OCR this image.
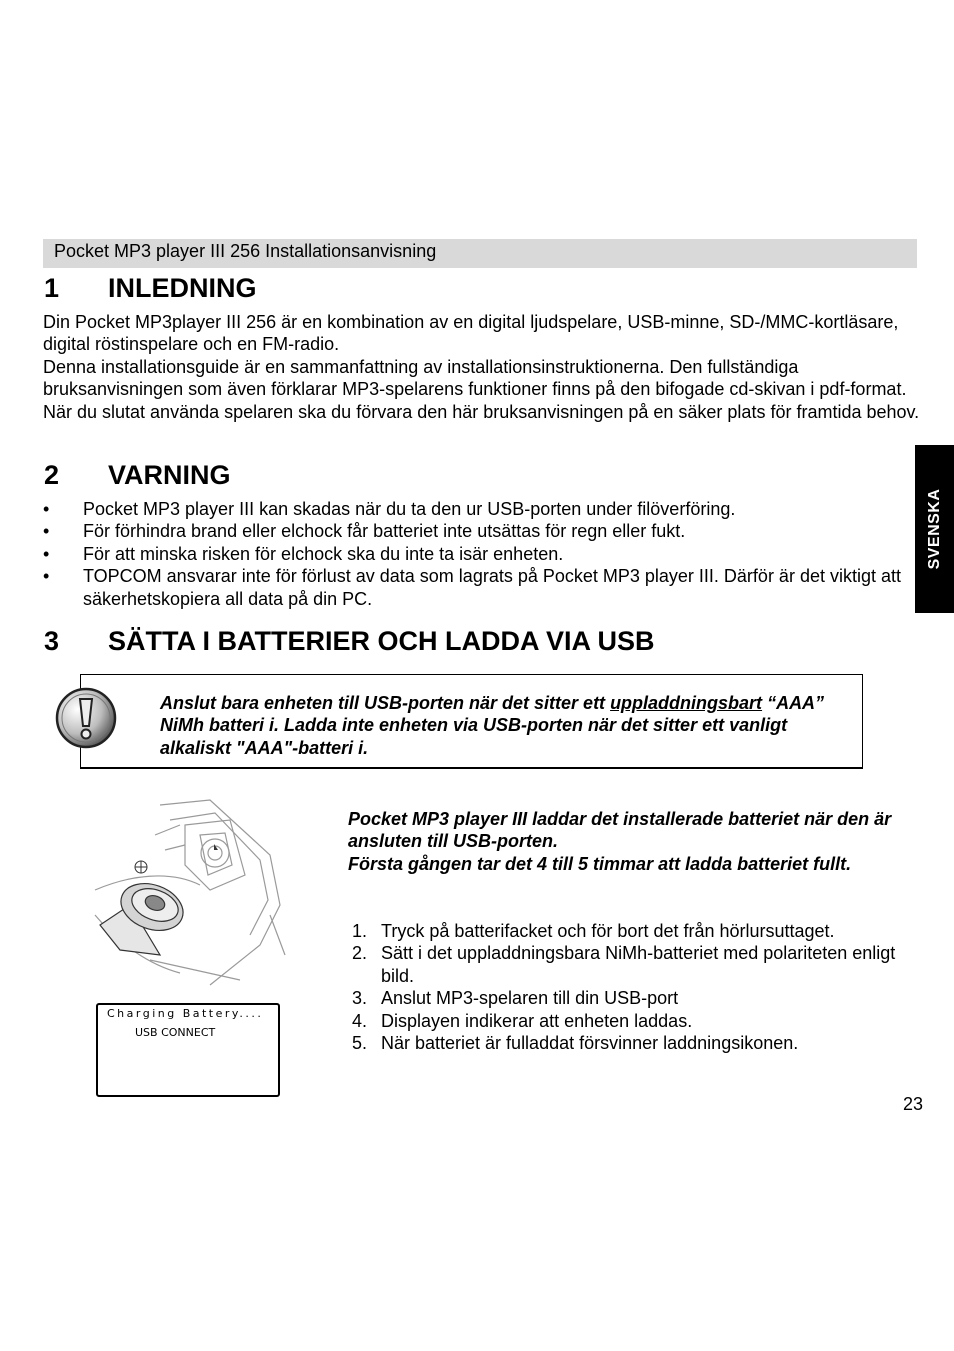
Pocket MP3 player III 256 Installationsanvisning
1 INLEDNING

Din Pocket MP3player III 256 är en kombination av en digital ljudspelare, USB-minne, SD-/MMC-kortläsare, digital röstinspelare och en FM-radio.

Denna installationsguide är en sammanfattning av installationsinstruktionerna. Den fullständiga bruksanvisningen som även förklarar MP3-spelarens funktioner finns på den bifogade cd-skivan i pdf-format. När du slutat använda spelaren ska du förvara den här bruksanvisningen på en säker plats för framtida behov.

2 VARNING
• Pocket MP3 player III kan skadas när du ta den ur USB-porten under filöverföring.
• För förhindra brand eller elchock får batteriet inte utsättas för regn eller fukt.
• För att minska risken för elchock ska du inte ta isär enheten.
• TOPCOM ansvarar inte för förlust av data som lagrats på Pocket MP3 player III. Därför är det viktigt att säkerhetskopiera all data på din PC.
SVENSKA
3 SÄTTA I BATTERIER OCH LADDA VIA USB

Anslut bara enheten till USB-porten när det sitter ett uppladdningsbart “AAA” NiMh batteri i. Ladda inte enheten via USB-porten när det sitter ett vanligt alkaliskt "AAA"-batteri i.

Charging Battery....
USB CONNECT
Pocket MP3 player III laddar det installerade batteriet när den är ansluten till USB-porten.
Första gången tar det 4 till 5 timmar att ladda batteriet fullt.
1. Tryck på batterifacket och för bort det från hörlursuttaget.
2. Sätt i det uppladdningsbara NiMh-batteriet med polariteten enligt bild.
3. Anslut MP3-spelaren till din USB-port
4. Displayen indikerar att enheten laddas.
5. När batteriet är fulladdat försvinner laddningsikonen.
23
